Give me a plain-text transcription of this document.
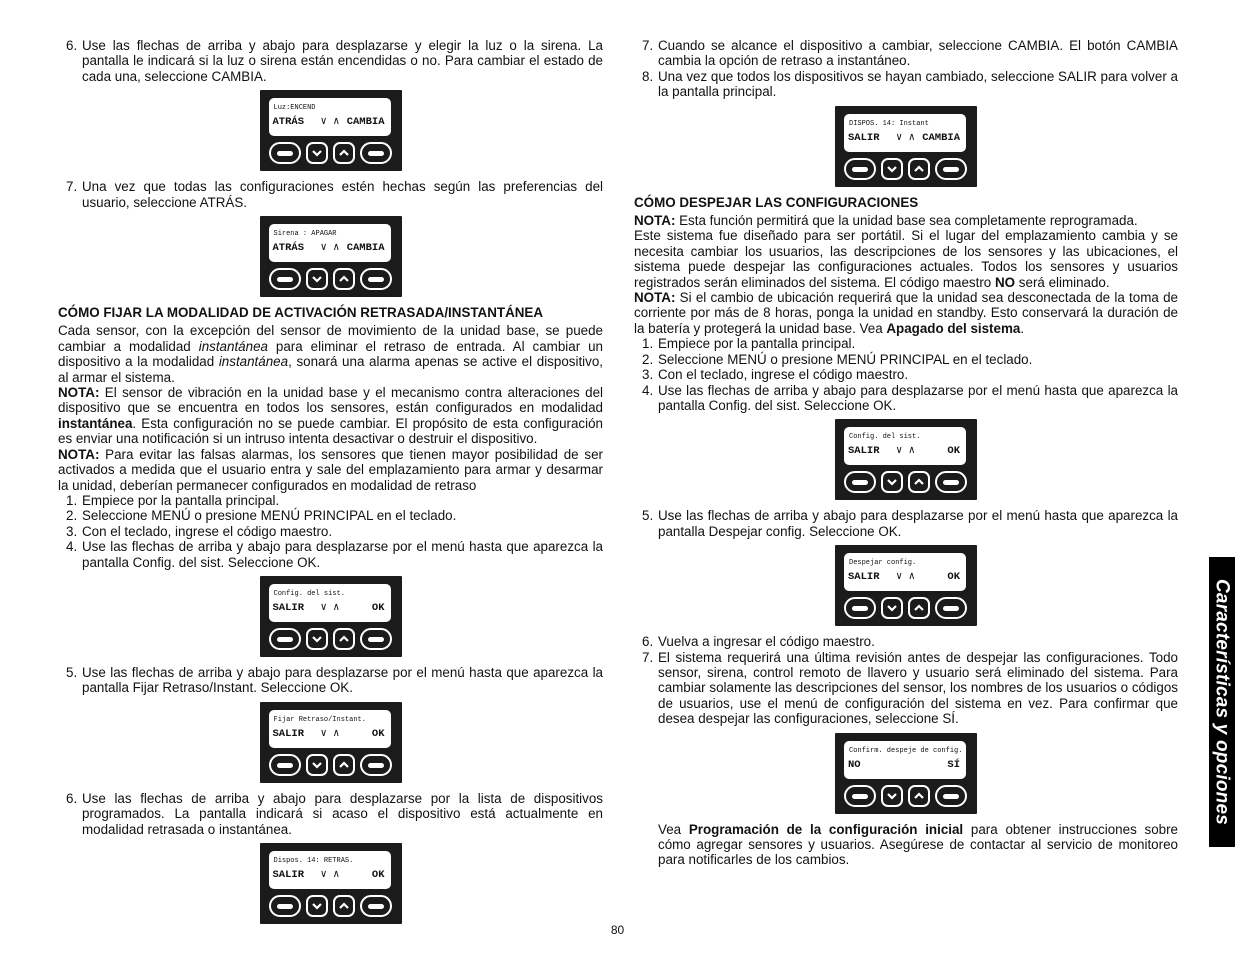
6. Use las flechas de arriba y abajo para desplazarse y elegir la luz o la sirena. La pantalla le indicará si la luz o sirena están encendidas o no. Para cambiar el estado de cada una, seleccione CAMBIA.
Luz:ENCEND
ATRÁS ∨ ∧ CAMBIA
7. Una vez que todas las configuraciones estén hechas según las preferencias del usuario, seleccione ATRÁS.
Sirena : APAGAR
ATRÁS ∨ ∧ CAMBIA
CÓMO FIJAR LA MODALIDAD DE ACTIVACIÓN RETRASADA/INSTANTÁNEA

Cada sensor, con la excepción del sensor de movimiento de la unidad base, se puede cambiar a modalidad instantánea para eliminar el retraso de entrada. Al cambiar un dispositivo a la modalidad instantánea, sonará una alarma apenas se active el dispositivo, al armar el sistema.

NOTA: El sensor de vibración en la unidad base y el mecanismo contra alteraciones del dispositivo que se encuentra en todos los sensores, están configurados en modalidad instantánea. Esta configuración no se puede cambiar. El propósito de esta configuración es enviar una notificación si un intruso intenta desactivar o destruir el dispositivo.

NOTA: Para evitar las falsas alarmas, los sensores que tienen mayor posibilidad de ser activados a medida que el usuario entra y sale del emplazamiento para armar y desarmar la unidad, deberían permanecer configurados en modalidad de retraso

1. Empiece por la pantalla principal.
2. Seleccione MENÚ o presione MENÚ PRINCIPAL en el teclado.
3. Con el teclado, ingrese el código maestro.
4. Use las flechas de arriba y abajo para desplazarse por el menú hasta que aparezca la pantalla Config. del sist. Seleccione OK.
Config. del sist.
SALIR ∨ ∧	OK
5. Use las flechas de arriba y abajo para desplazarse por el menú hasta que aparezca la pantalla Fijar Retraso/Instant. Seleccione OK.
Fijar Retraso/Instant.
SALIR ∨ ∧	OK
6. Use las flechas de arriba y abajo para desplazarse por la lista de dispositivos programados. La pantalla indicará si acaso el dispositivo está actualmente en modalidad retrasada o instantánea.
Dispos. 14: RETRAS.
SALIR ∨ ∧	OK
7. Cuando se alcance el dispositivo a cambiar, seleccione CAMBIA. El botón CAMBIA cambia la opción de retraso a instantáneo.
8. Una vez que todos los dispositivos se hayan cambiado, seleccione SALIR para volver a la pantalla principal.
DISPOS. 14: Instant
SALIR ∨ ∧ CAMBIA
CÓMO DESPEJAR LAS CONFIGURACIONES

NOTA: Esta función permitirá que la unidad base sea completamente reprogramada.

Este sistema fue diseñado para ser portátil. Si el lugar del emplazamiento cambia y se necesita cambiar los usuarios, las descripciones de los sensores y las ubicaciones, el sistema puede despejar las configuraciones actuales. Todos los sensores y usuarios registrados serán eliminados del sistema. El código maestro NO será eliminado.

NOTA: Si el cambio de ubicación requerirá que la unidad sea desconectada de la toma de corriente por más de 8 horas, ponga la unidad en standby. Esto conservará la duración de la batería y protegerá la unidad base. Vea Apagado del sistema.

1. Empiece por la pantalla principal.
2. Seleccione MENÚ o presione MENÚ PRINCIPAL en el teclado.
3. Con el teclado, ingrese el código maestro.
4. Use las flechas de arriba y abajo para desplazarse por el menú hasta que aparezca la pantalla Config. del sist. Seleccione OK.
Config. del sist.
SALIR ∨ ∧	OK
5. Use las flechas de arriba y abajo para desplazarse por el menú hasta que aparezca la pantalla Despejar config. Seleccione OK.
Despejar config.
SALIR ∨ ∧	OK
6. Vuelva a ingresar el código maestro.
7. El sistema requerirá una última revisión antes de despejar las configuraciones. Todo sensor, sirena, control remoto de llavero y usuario será eliminado del sistema. Para cambiar solamente las descripciones del sensor, los nombres de los usuarios o códigos de usuarios, use el menú de configuración del sistema en vez. Para confirmar que desea despejar las configuraciones, seleccione SÍ.
Confirm. despeje de config.
NO	SÍ

Vea Programación de la configuración inicial para obtener instrucciones sobre cómo agregar sensores y usuarios. Asegúrese de contactar al servicio de monitoreo para notificarles de los cambios.

80
Características y opciones
